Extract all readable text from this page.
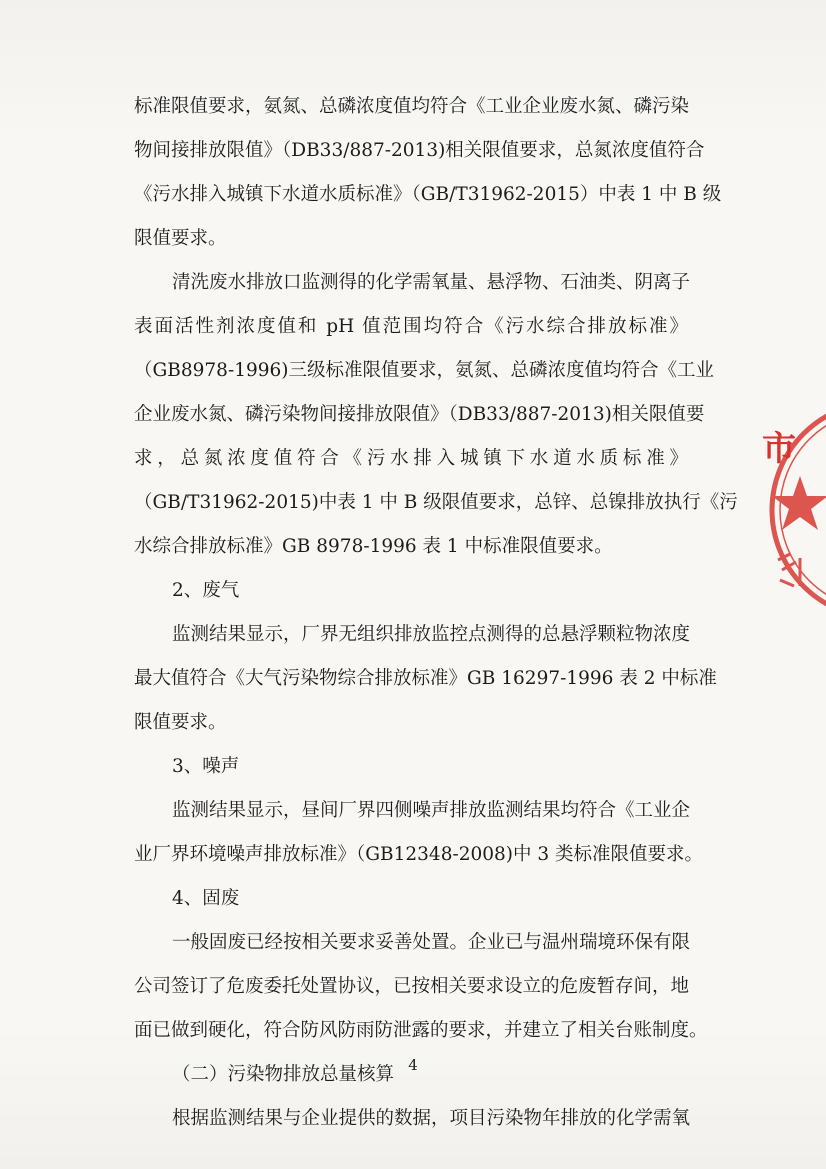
标准限值要求，氨氮、总磷浓度值均符合《工业企业废水氮、磷污染
物间接排放限值》（DB33/887-2013)相关限值要求，总氮浓度值符合
《污水排入城镇下水道水质标准》（GB/T31962-2015）中表 1 中 B 级
限值要求。
清洗废水排放口监测得的化学需氧量、悬浮物、石油类、阴离子
表面活性剂浓度值和 pH 值范围均符合《污水综合排放标准》
（GB8978-1996)三级标准限值要求，氨氮、总磷浓度值均符合《工业
企业废水氮、磷污染物间接排放限值》（DB33/887-2013)相关限值要
求，总氮浓度值符合《污水排入城镇下水道水质标准》
（GB/T31962-2015)中表 1 中 B 级限值要求，总锌、总镍排放执行《污
水综合排放标准》GB 8978-1996 表 1 中标准限值要求。
2、废气
监测结果显示，厂界无组织排放监控点测得的总悬浮颗粒物浓度
最大值符合《大气污染物综合排放标准》GB 16297-1996 表 2 中标准
限值要求。
3、噪声
监测结果显示，昼间厂界四侧噪声排放监测结果均符合《工业企
业厂界环境噪声排放标准》（GB12348-2008)中 3 类标准限值要求。
4、固废
一般固废已经按相关要求妥善处置。企业已与温州瑞境环保有限
公司签订了危废委托处置协议，已按相关要求设立的危废暂存间，地
面已做到硬化，符合防风防雨防泄露的要求，并建立了相关台账制度。
（二）污染物排放总量核算
根据监测结果与企业提供的数据，项目污染物年排放的化学需氧
4
市
